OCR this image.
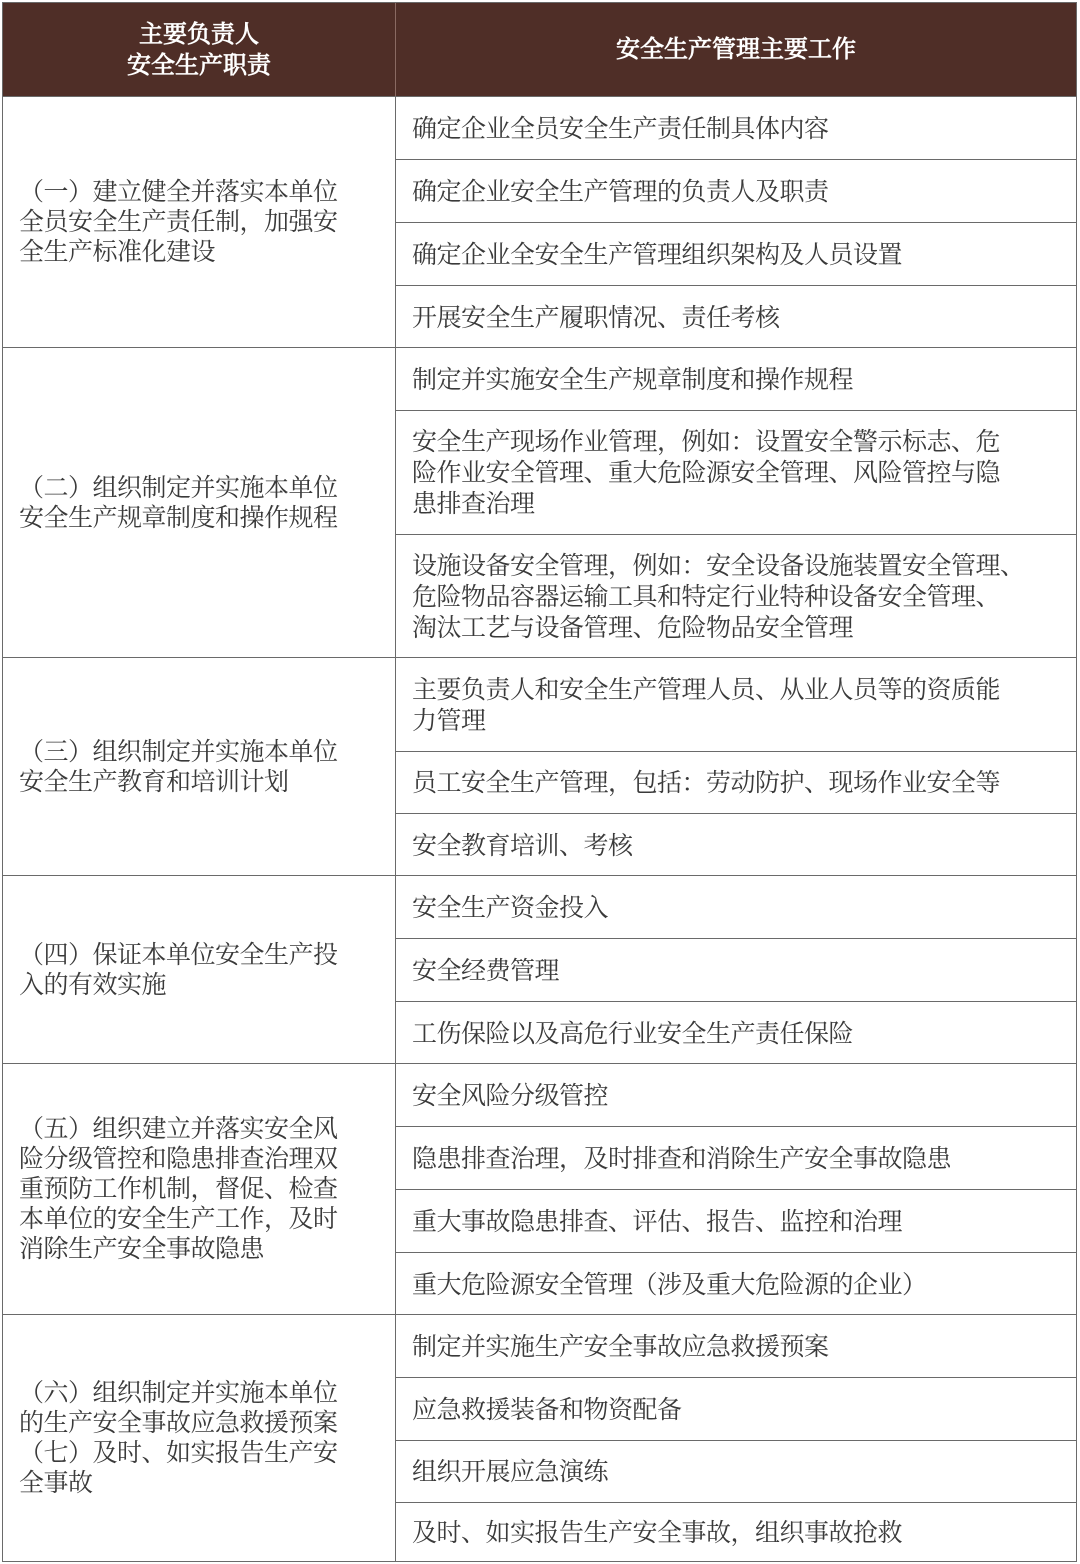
主要负责人
安全生产职责
安全生产管理主要工作
（一）建立健全并落实本单位
全员安全生产责任制，加强安
全生产标准化建设
确定企业全员安全生产责任制具体内容
确定企业安全生产管理的负责人及职责
确定企业全安全生产管理组织架构及人员设置
开展安全生产履职情况、责任考核
（二）组织制定并实施本单位
安全生产规章制度和操作规程
制定并实施安全生产规章制度和操作规程
安全生产现场作业管理，例如：设置安全警示标志、危
险作业安全管理、重大危险源安全管理、风险管控与隐
患排查治理
设施设备安全管理，例如：安全设备设施装置安全管理、
危险物品容器运输工具和特定行业特种设备安全管理、
淘汰工艺与设备管理、危险物品安全管理
（三）组织制定并实施本单位
安全生产教育和培训计划
主要负责人和安全生产管理人员、从业人员等的资质能
力管理
员工安全生产管理，包括：劳动防护、现场作业安全等
安全教育培训、考核
（四）保证本单位安全生产投
入的有效实施
安全生产资金投入
安全经费管理
工伤保险以及高危行业安全生产责任保险
（五）组织建立并落实安全风
险分级管控和隐患排查治理双
重预防工作机制，督促、检查
本单位的安全生产工作，及时
消除生产安全事故隐患
安全风险分级管控
隐患排查治理，及时排查和消除生产安全事故隐患
重大事故隐患排查、评估、报告、监控和治理
重大危险源安全管理（涉及重大危险源的企业）
（六）组织制定并实施本单位
的生产安全事故应急救援预案
（七）及时、如实报告生产安
全事故
制定并实施生产安全事故应急救援预案
应急救援装备和物资配备
组织开展应急演练
及时、如实报告生产安全事故，组织事故抢救
